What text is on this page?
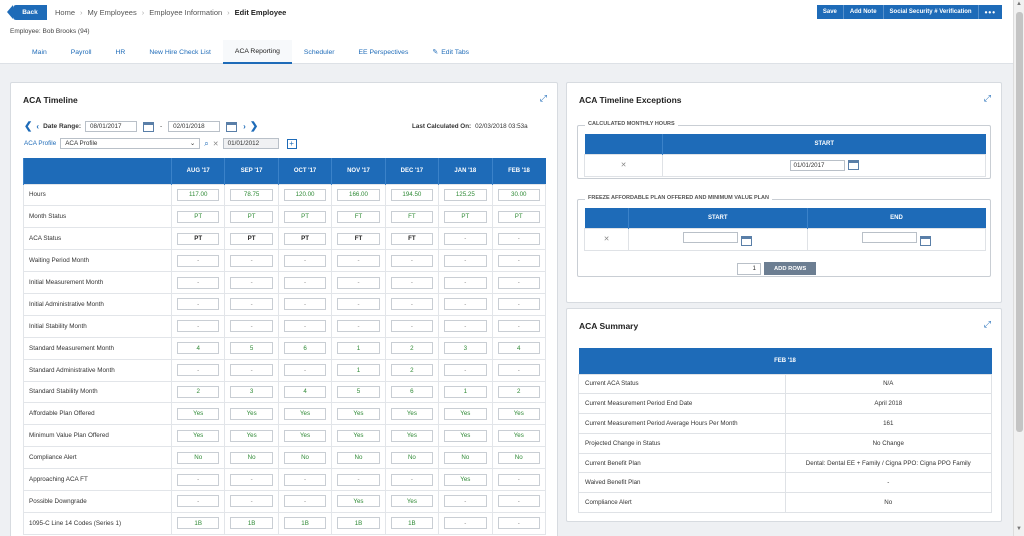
Back	Home › My Employees › Employee Information › Edit Employee
Employee: Bob Brooks (94)
Save	Add Note	Social Security # Verification	•••
Main	Payroll	HR	New Hire Check List	ACA Reporting	Scheduler	EE Perspectives	✎ Edit Tabs
▲
▼
ACA Timeline	⤢
❮ ‹ Date Range:	08/01/2017	-	02/01/2018	› ❯	Last Calculated On: 02/03/2018 03:53a
ACA Profile ACA Profile	⌄ ⌕ ✕	01/01/2012	+
	AUG '17	SEP '17	OCT '17	NOV '17	DEC '17	JAN '18	FEB '18
Hours	117.00	78.75	120.00	166.00	194.50	125.25	30.00

Month Status	PT	PT	PT	FT	FT	PT	PT

ACA Status	PT	PT	PT	FT	FT	-	-

Waiting Period Month	-	-	-	-	-	-	-

Initial Measurement Month	-	-	-	-	-	-	-

Initial Administrative Month	-	-	-	-	-	-	-

Initial Stability Month	-	-	-	-	-	-	-

Standard Measurement Month	4	5	6	1	2	3	4

Standard Administrative Month	-	-	-	1	2	-	-

Standard Stability Month	2	3	4	5	6	1	2

Affordable Plan Offered	Yes	Yes	Yes	Yes	Yes	Yes	Yes

Minimum Value Plan Offered	Yes	Yes	Yes	Yes	Yes	Yes	Yes

Compliance Alert	No	No	No	No	No	No	No

Approaching ACA FT	-	-	-	-	-	Yes	-

Possible Downgrade	-	-	-	Yes	Yes	-	-

1095-C Line 14 Codes (Series 1)	1B	1B	1B	1B	1B	-	-
ACA Timeline Exceptions	⤢
CALCULATED MONTHLY HOURS
	START
✕	01/01/2017
FREEZE AFFORDABLE PLAN OFFERED AND MINIMUM VALUE PLAN
	START	END
✕		
1	ADD ROWS
ACA Summary	⤢
FEB '18	
Current ACA Status	N/A
Current Measurement Period End Date	April 2018
Current Measurement Period Average Hours Per Month	161
Projected Change in Status	No Change
Current Benefit Plan	Dental: Dental EE + Family / Cigna PPO: Cigna PPO Family
Waived Benefit Plan	-
Compliance Alert	No
